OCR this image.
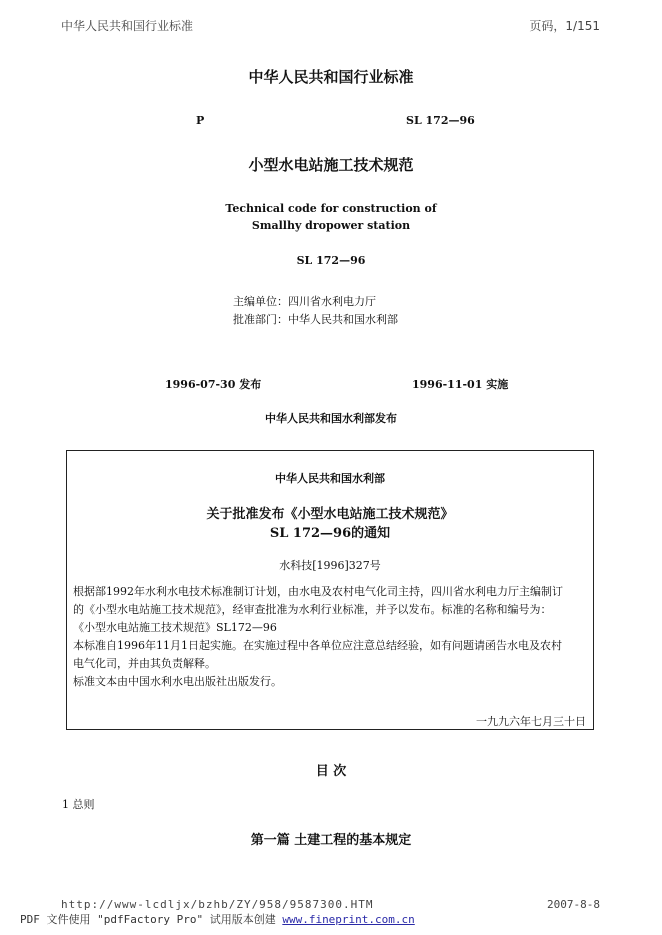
中华人民共和国行业标准	页码，1/151
中华人民共和国行业标准
P	SL 172—96
小型水电站施工技术规范
Technical code for construction of
Smallhy dropower station
SL 172—96
主编单位：四川省水利电力厅
批准部门：中华人民共和国水利部
1996-07-30 发布	1996-11-01 实施
中华人民共和国水利部发布
中华人民共和国水利部
关于批准发布《小型水电站施工技术规范》
SL 172—96的通知
水科技[1996]327号
根据部1992年水利水电技术标准制订计划，由水电及农村电气化司主持，四川省水利电力厅主编制订
的《小型水电站施工技术规范》，经审查批准为水利行业标准，并予以发布。标准的名称和编号为：
《小型水电站施工技术规范》SL172—96
本标准自1996年11月1日起实施。在实施过程中各单位应注意总结经验，如有问题请函告水电及农村
电气化司，并由其负责解释。
标准文本由中国水利水电出版社出版发行。
一九九六年七月三十日
目 次
1 总则
第一篇 土建工程的基本规定
http://www-lcdljx/bzhb/ZY/958/9587300.HTM	2007-8-8
PDF 文件使用 "pdfFactory Pro" 试用版本创建 www.fineprint.com.cn
